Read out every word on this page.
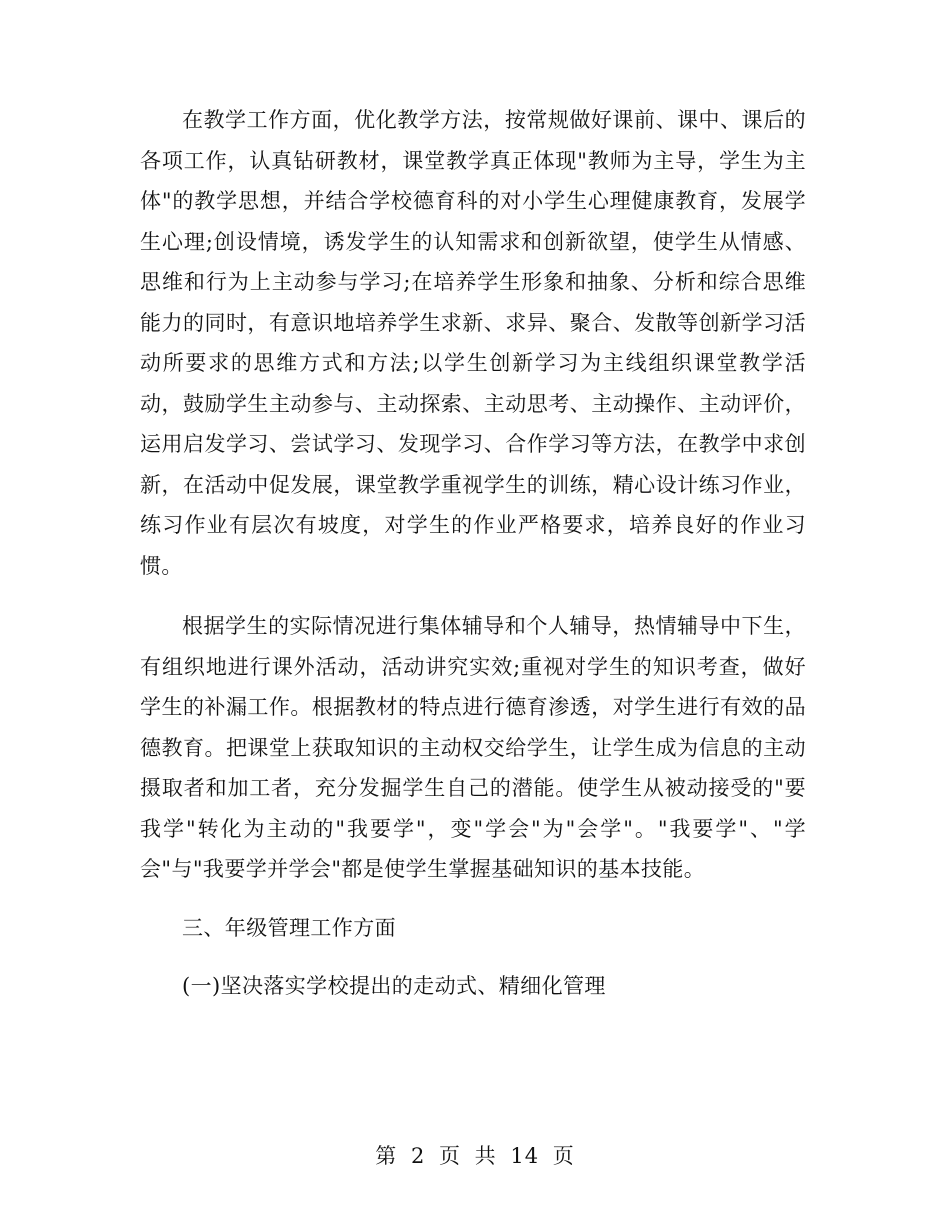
在教学工作方面，优化教学方法，按常规做好课前、课中、课后的各项工作，认真钻研教材，课堂教学真正体现"教师为主导，学生为主体"的教学思想，并结合学校德育科的对小学生心理健康教育，发展学生心理;创设情境，诱发学生的认知需求和创新欲望，使学生从情感、思维和行为上主动参与学习;在培养学生形象和抽象、分析和综合思维能力的同时，有意识地培养学生求新、求异、聚合、发散等创新学习活动所要求的思维方式和方法;以学生创新学习为主线组织课堂教学活动，鼓励学生主动参与、主动探索、主动思考、主动操作、主动评价，运用启发学习、尝试学习、发现学习、合作学习等方法，在教学中求创新，在活动中促发展，课堂教学重视学生的训练，精心设计练习作业，练习作业有层次有坡度，对学生的作业严格要求，培养良好的作业习惯。

根据学生的实际情况进行集体辅导和个人辅导，热情辅导中下生，有组织地进行课外活动，活动讲究实效;重视对学生的知识考查，做好学生的补漏工作。根据教材的特点进行德育渗透，对学生进行有效的品德教育。把课堂上获取知识的主动权交给学生，让学生成为信息的主动摄取者和加工者，充分发掘学生自己的潜能。使学生从被动接受的"要我学"转化为主动的"我要学"，变"学会"为"会学"。"我要学"、"学会"与"我要学并学会"都是使学生掌握基础知识的基本技能。

三、年级管理工作方面

(一)坚决落实学校提出的走动式、精细化管理

第 2 页 共 14 页
